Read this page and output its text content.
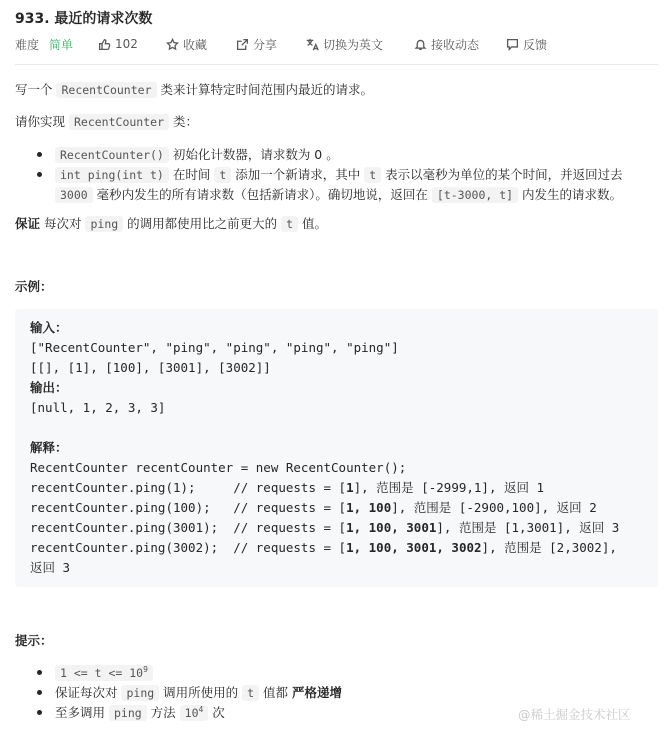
933. 最近的请求次数
难度 简单	102	收藏	分享	切换为英文	接收动态	反馈
写一个 RecentCounter 类来计算特定时间范围内最近的请求。
请你实现 RecentCounter 类：
RecentCounter() 初始化计数器，请求数为 0 。
int ping(int t) 在时间 t 添加一个新请求，其中 t 表示以毫秒为单位的某个时间，并返回过去
3000 毫秒内发生的所有请求数（包括新请求）。确切地说，返回在 [t-3000, t] 内发生的请求数。
保证 每次对 ping 的调用都使用比之前更大的 t 值。
示例：
输入：
["RecentCounter", "ping", "ping", "ping", "ping"]
[[], [1], [100], [3001], [3002]]
输出：
[null, 1, 2, 3, 3]
解释：
RecentCounter recentCounter = new RecentCounter();
recentCounter.ping(1);     // requests = [1], 范围是 [-2999,1], 返回 1
recentCounter.ping(100);   // requests = [1, 100], 范围是 [-2900,100], 返回 2
recentCounter.ping(3001);  // requests = [1, 100, 3001], 范围是 [1,3001], 返回 3
recentCounter.ping(3002);  // requests = [1, 100, 3001, 3002], 范围是 [2,3002],
返回 3
提示：
$1 <= t <= 10^9$
保证每次对 ping 调用所使用的 t 值都 严格递增
至多调用 ping 方法 $10^4$ 次	@稀土掘金技术社区
